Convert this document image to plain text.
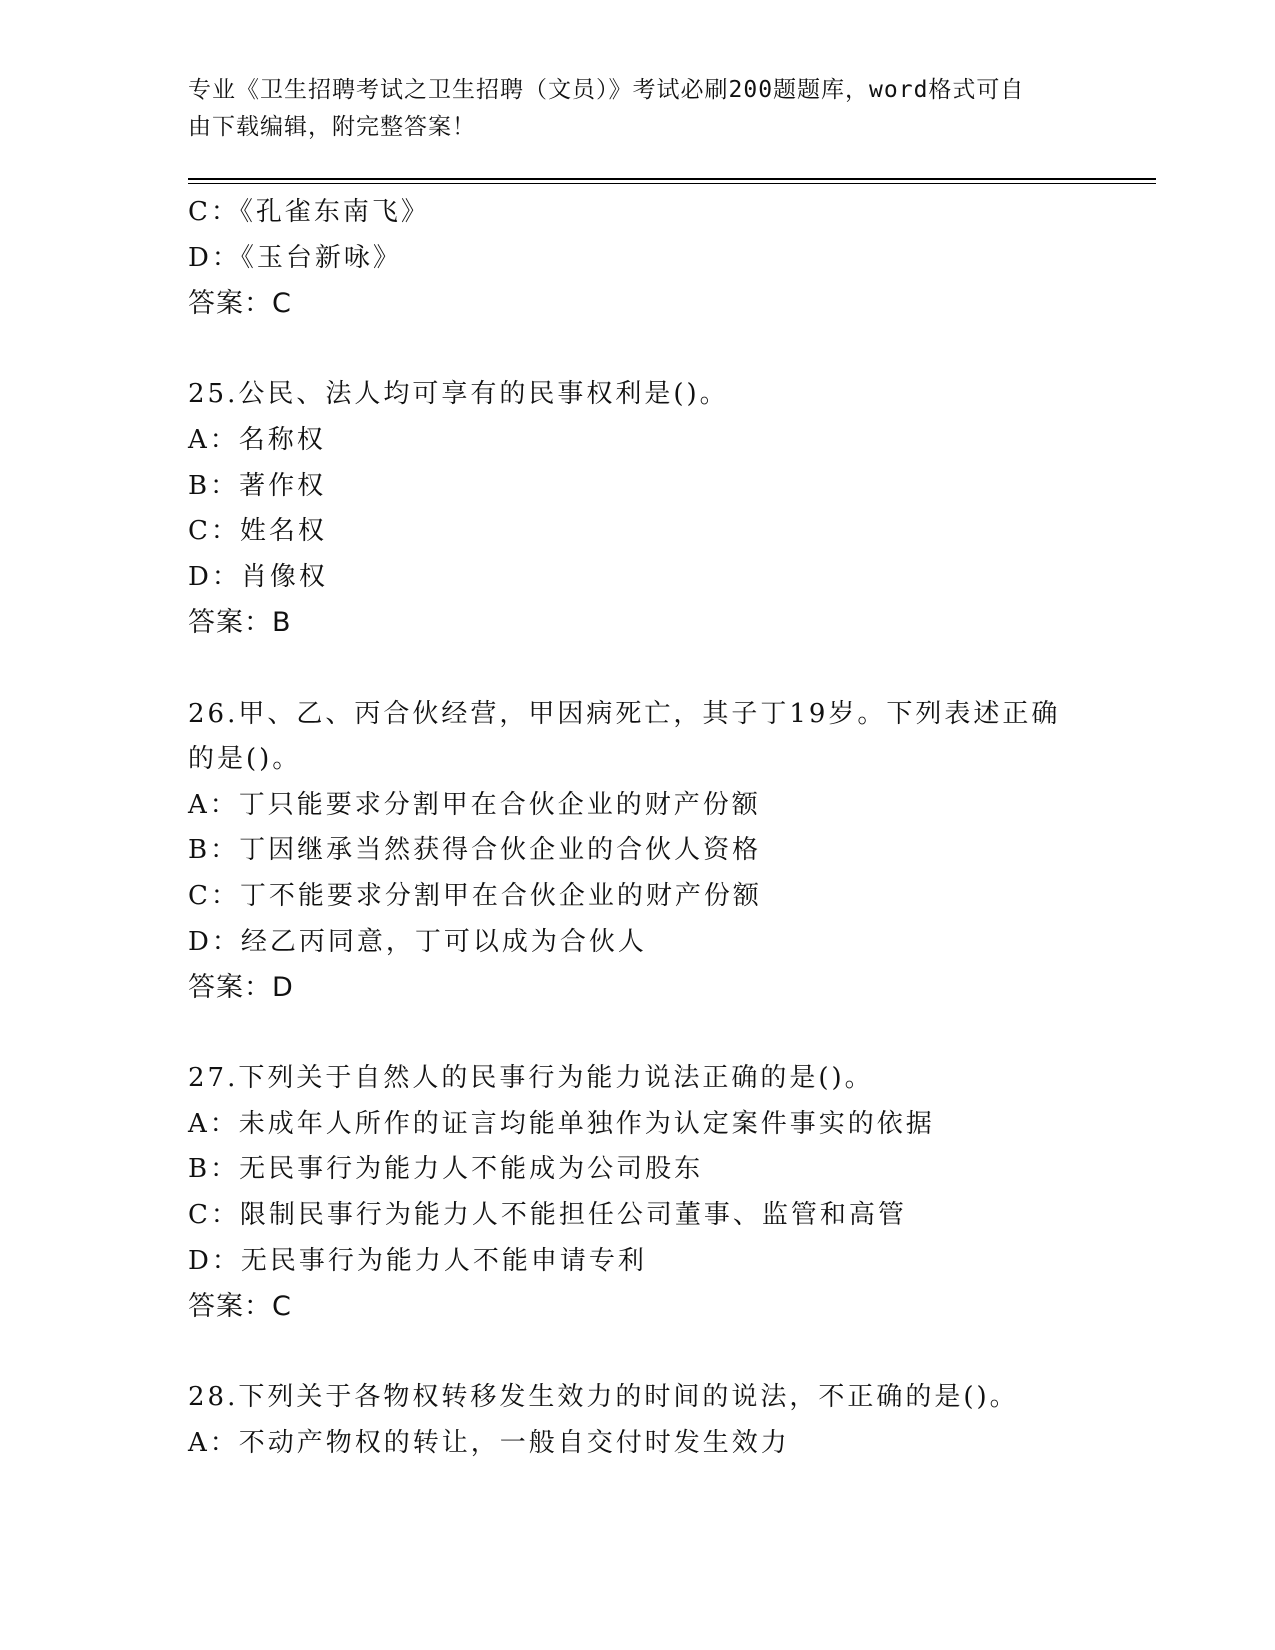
专业《卫生招聘考试之卫生招聘（文员）》考试必刷200题题库，word格式可自
由下载编辑，附完整答案！
C：《孔雀东南飞》
D：《玉台新咏》
答案：C
25.公民、法人均可享有的民事权利是()。
A：名称权
B：著作权
C：姓名权
D：肖像权
答案：B
26.甲、乙、丙合伙经营，甲因病死亡，其子丁19岁。下列表述正确
的是()。
A：丁只能要求分割甲在合伙企业的财产份额
B：丁因继承当然获得合伙企业的合伙人资格
C：丁不能要求分割甲在合伙企业的财产份额
D：经乙丙同意，丁可以成为合伙人
答案：D
27.下列关于自然人的民事行为能力说法正确的是()。
A：未成年人所作的证言均能单独作为认定案件事实的依据
B：无民事行为能力人不能成为公司股东
C：限制民事行为能力人不能担任公司董事、监管和高管
D：无民事行为能力人不能申请专利
答案：C
28.下列关于各物权转移发生效力的时间的说法，不正确的是()。
A：不动产物权的转让，一般自交付时发生效力
